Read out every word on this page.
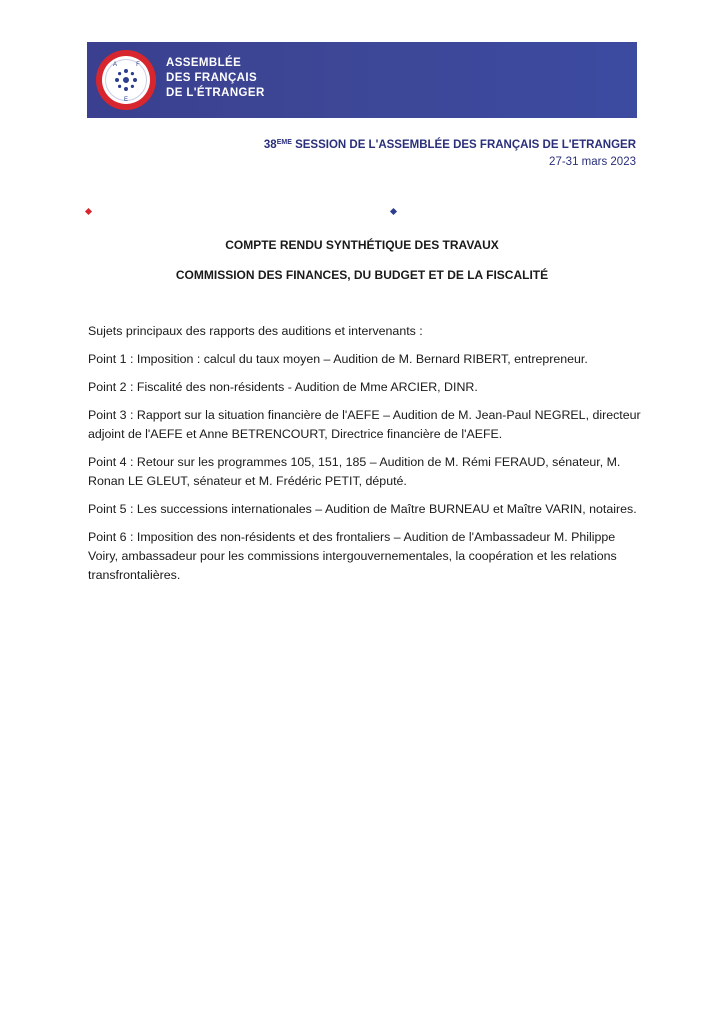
A	F
E
ASSEMBLÉE
DES FRANÇAIS
DE L'ÉTRANGER
38EME SESSION DE L'ASSEMBLÉE DES FRANÇAIS DE L'ETRANGER
27-31 mars 2023
COMPTE RENDU SYNTHÉTIQUE DES TRAVAUX
COMMISSION DES FINANCES, DU BUDGET ET DE LA FISCALITÉ

Sujets principaux des rapports des auditions et intervenants :

Point 1 : Imposition : calcul du taux moyen – Audition de M. Bernard RIBERT, entrepreneur.

Point 2 : Fiscalité des non-résidents - Audition de Mme ARCIER, DINR.

Point 3 : Rapport sur la situation financière de l'AEFE – Audition de M. Jean-Paul NEGREL, directeur adjoint de l'AEFE et Anne BETRENCOURT, Directrice financière de l'AEFE.

Point 4 : Retour sur les programmes 105, 151, 185 – Audition de M. Rémi FERAUD, sénateur, M. Ronan LE GLEUT, sénateur et M. Frédéric PETIT, député.

Point 5 : Les successions internationales – Audition de Maître BURNEAU et Maître VARIN, notaires.

Point 6 : Imposition des non-résidents et des frontaliers – Audition de l'Ambassadeur M. Philippe Voiry, ambassadeur pour les commissions intergouvernementales, la coopération et les relations transfrontalières.
